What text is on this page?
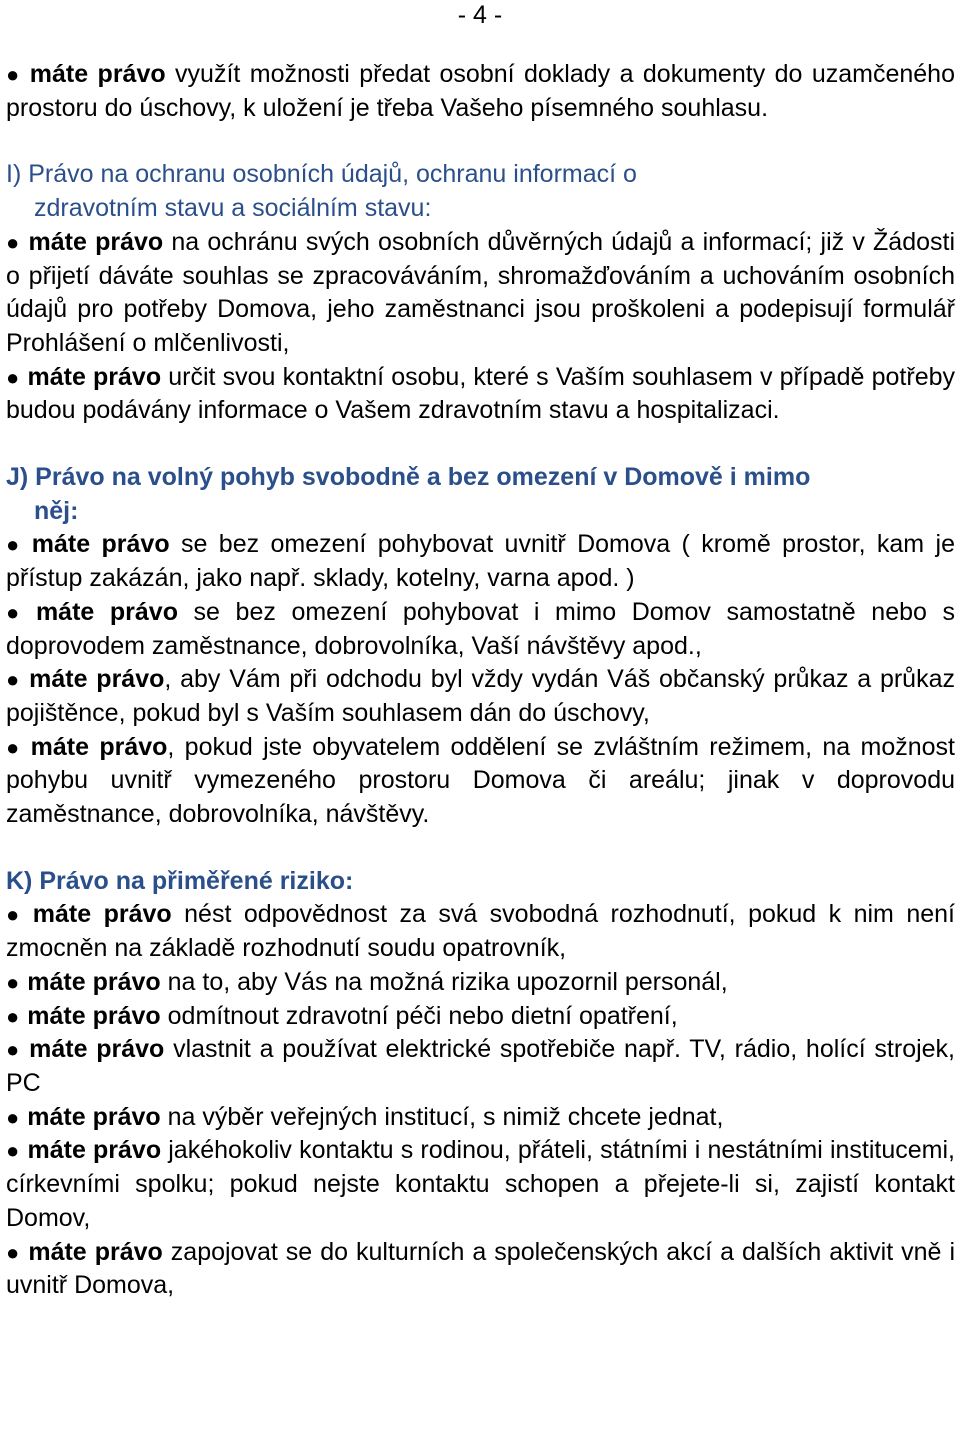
- 4 -

● máte právo využít možnosti předat osobní doklady a dokumenty do uzamčeného prostoru do úschovy, k uložení je třeba Vašeho písemného souhlasu.

I) Právo na ochranu osobních údajů, ochranu informací o
zdravotním stavu a sociálním stavu:

● máte právo na ochránu svých osobních důvěrných údajů a informací; již v Žádosti o přijetí dáváte souhlas se zpracováváním, shromažďováním a uchováním osobních údajů pro potřeby Domova, jeho zaměstnanci jsou proškoleni a podepisují formulář Prohlášení o mlčenlivosti,

● máte právo určit svou kontaktní osobu, které s Vaším souhlasem v případě potřeby budou podávány informace o Vašem zdravotním stavu a hospitalizaci.

J) Právo na volný pohyb svobodně a bez omezení v Domově i mimo
něj:

● máte právo se bez omezení pohybovat uvnitř Domova ( kromě prostor, kam je přístup zakázán, jako např. sklady, kotelny, varna apod. )

● máte právo se bez omezení pohybovat i mimo Domov samostatně nebo s doprovodem zaměstnance, dobrovolníka, Vaší návštěvy apod.,

● máte právo, aby Vám při odchodu byl vždy vydán Váš občanský průkaz a průkaz pojištěnce, pokud byl s Vaším souhlasem dán do úschovy,

● máte právo, pokud jste obyvatelem oddělení se zvláštním režimem, na možnost pohybu uvnitř vymezeného prostoru Domova či areálu; jinak v doprovodu zaměstnance, dobrovolníka, návštěvy.

K) Právo na přiměřené riziko:

● máte právo nést odpovědnost za svá svobodná rozhodnutí, pokud k nim není zmocněn na základě rozhodnutí soudu opatrovník,

● máte právo na to, aby Vás na možná rizika upozornil personál,

● máte právo odmítnout zdravotní péči nebo dietní opatření,

● máte právo vlastnit a používat elektrické spotřebiče např. TV, rádio, holící strojek, PC

● máte právo na výběr veřejných institucí, s nimiž chcete jednat,

● máte právo jakéhokoliv kontaktu s rodinou, přáteli, státními i nestátními institucemi, církevními spolku; pokud nejste kontaktu schopen a přejete-li si, zajistí kontakt Domov,

● máte právo zapojovat se do kulturních a společenských akcí a dalších aktivit vně i uvnitř Domova,
